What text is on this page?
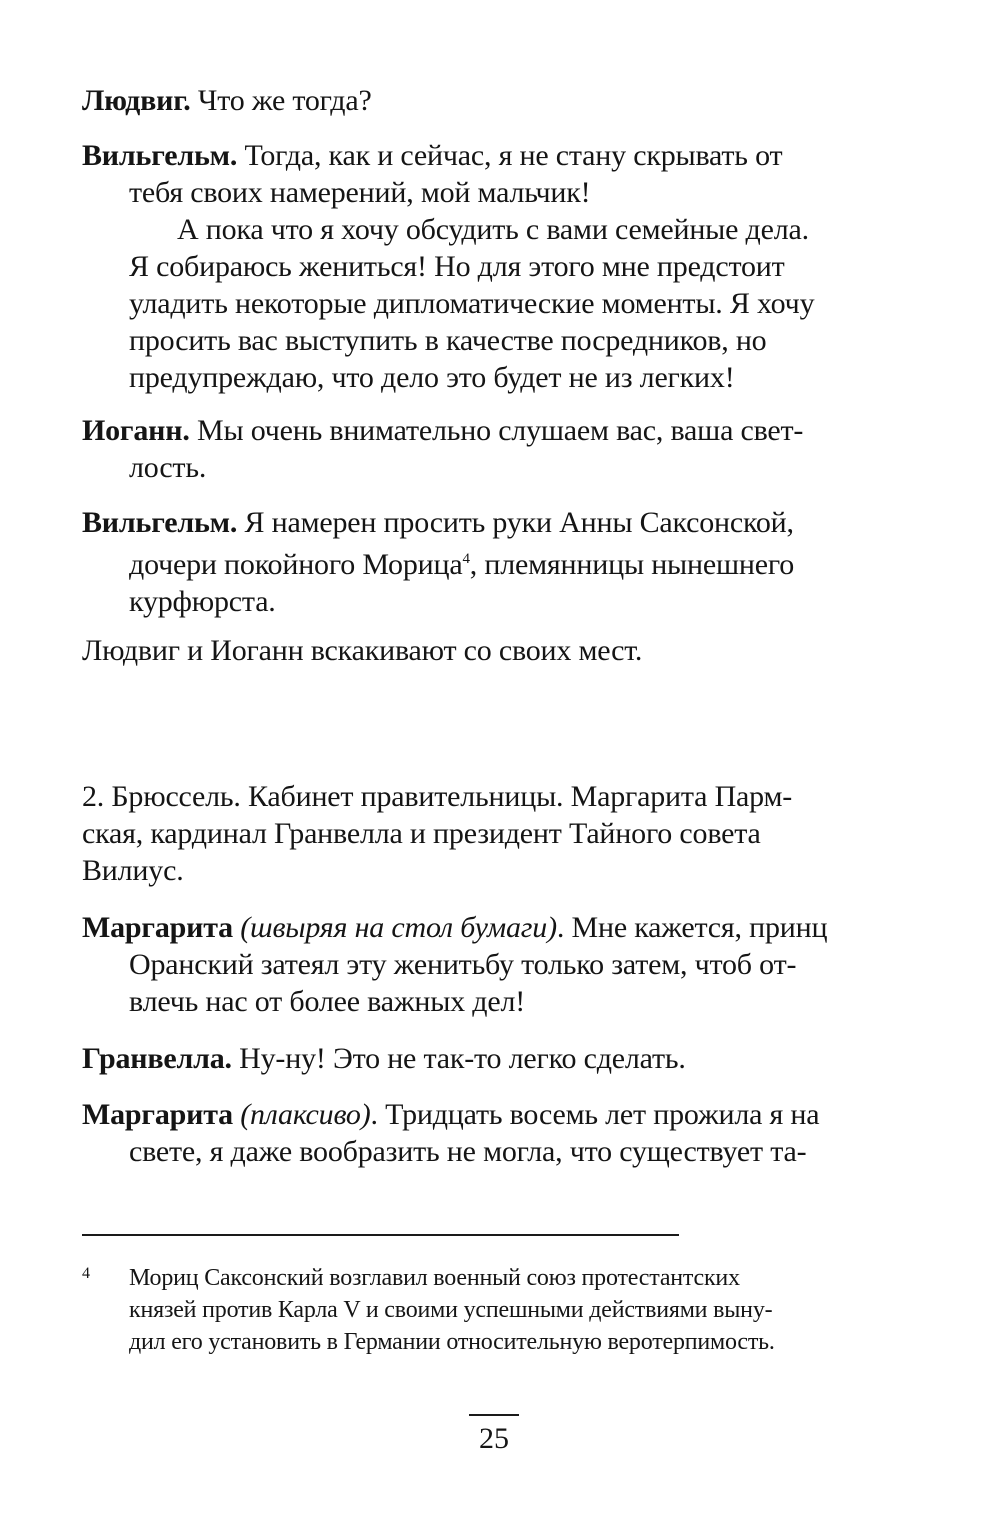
Людвиг. Что же тогда?
Вильгельм. Тогда, как и сейчас, я не стану скрывать от
тебя своих намерений, мой мальчик!
А пока что я хочу обсудить с вами семейные дела.
Я собираюсь жениться! Но для этого мне предстоит
уладить некоторые дипломатические моменты. Я хочу
просить вас выступить в качестве посредников, но
предупреждаю, что дело это будет не из легких!
Иоганн. Мы очень внимательно слушаем вас, ваша свет-
лость.
Вильгельм. Я намерен просить руки Анны Саксонской,
дочери покойного Морица$^4$, племянницы нынешнего
курфюрста.
Людвиг и Иоганн вскакивают со своих мест.
2. Брюссель. Кабинет правительницы. Маргарита Парм-
ская, кардинал Гранвелла и президент Тайного совета
Вилиус.
Маргарита (швыряя на стол бумаги). Мне кажется, принц
Оранский затеял эту женитьбу только затем, чтоб от-
влечь нас от более важных дел!
Гранвелла. Ну-ну! Это не так-то легко сделать.
Маргарита (плаксиво). Тридцать восемь лет прожила я на
свете, я даже вообразить не могла, что существует та-
4	Мориц Саксонский возглавил военный союз протестантских
князей против Карла V и своими успешными действиями выну-
дил его установить в Германии относительную веротерпимость.
25
